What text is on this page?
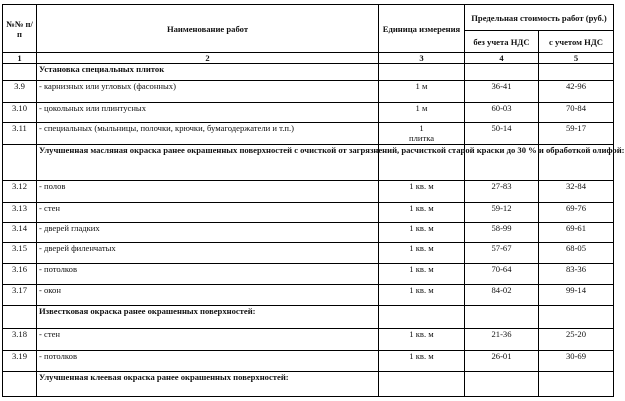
№№ п/п	Наименование работ	Единица измерения	Предельная стоимость работ (руб.)	
			без учета НДС	с учетом НДС
1	2	3	4	5
	Установка специальных плиток			
3.9	- карнизных или угловых (фасонных)	1 м	36-41	42-96
3.10	- цокольных или плинтусных	1 м	60-03	70-84
3.11	- специальных (мыльницы, полочки, крючки, бумагодержатели и т.п.)	1 плитка	50-14	59-17
	Улучшенная масляная окраска ранее окрашенных поверхностей с очисткой от загрязнений, расчисткой старой краски до 30 % и обработкой олифой:			
3.12	- полов	1 кв. м	27-83	32-84
3.13	- стен	1 кв. м	59-12	69-76
3.14	- дверей гладких	1 кв. м	58-99	69-61
3.15	- дверей филенчатых	1 кв. м	57-67	68-05
3.16	- потолков	1 кв. м	70-64	83-36
3.17	- окон	1 кв. м	84-02	99-14
	Известковая окраска ранее окрашенных поверхностей:			
3.18	- стен	1 кв. м	21-36	25-20
3.19	- потолков	1 кв. м	26-01	30-69
	Улучшенная клеевая окраска ранее окрашенных поверхностей:			
